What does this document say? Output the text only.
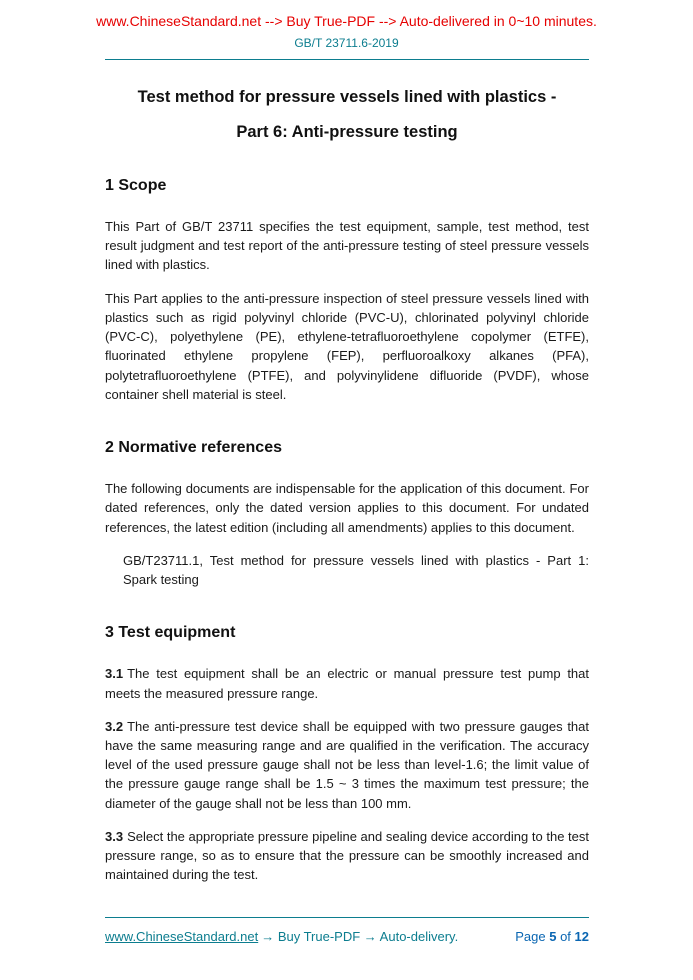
www.ChineseStandard.net --> Buy True-PDF --> Auto-delivered in 0~10 minutes.
GB/T 23711.6-2019
Test method for pressure vessels lined with plastics -
Part 6: Anti-pressure testing
1 Scope

This Part of GB/T 23711 specifies the test equipment, sample, test method, test result judgment and test report of the anti-pressure testing of steel pressure vessels lined with plastics.

This Part applies to the anti-pressure inspection of steel pressure vessels lined with plastics such as rigid polyvinyl chloride (PVC-U), chlorinated polyvinyl chloride (PVC-C), polyethylene (PE), ethylene-tetrafluoroethylene copolymer (ETFE), fluorinated ethylene propylene (FEP), perfluoroalkoxy alkanes (PFA), polytetrafluoroethylene (PTFE), and polyvinylidene difluoride (PVDF), whose container shell material is steel.

2 Normative references

The following documents are indispensable for the application of this document. For dated references, only the dated version applies to this document. For undated references, the latest edition (including all amendments) applies to this document.

GB/T23711.1, Test method for pressure vessels lined with plastics - Part 1: Spark testing

3 Test equipment

3.1 The test equipment shall be an electric or manual pressure test pump that meets the measured pressure range.

3.2 The anti-pressure test device shall be equipped with two pressure gauges that have the same measuring range and are qualified in the verification. The accuracy level of the used pressure gauge shall not be less than level-1.6; the limit value of the pressure gauge range shall be 1.5 ~ 3 times the maximum test pressure; the diameter of the gauge shall not be less than 100 mm.

3.3 Select the appropriate pressure pipeline and sealing device according to the test pressure range, so as to ensure that the pressure can be smoothly increased and maintained during the test.

www.ChineseStandard.net → Buy True-PDF → Auto-delivery.	Page 5 of 12
